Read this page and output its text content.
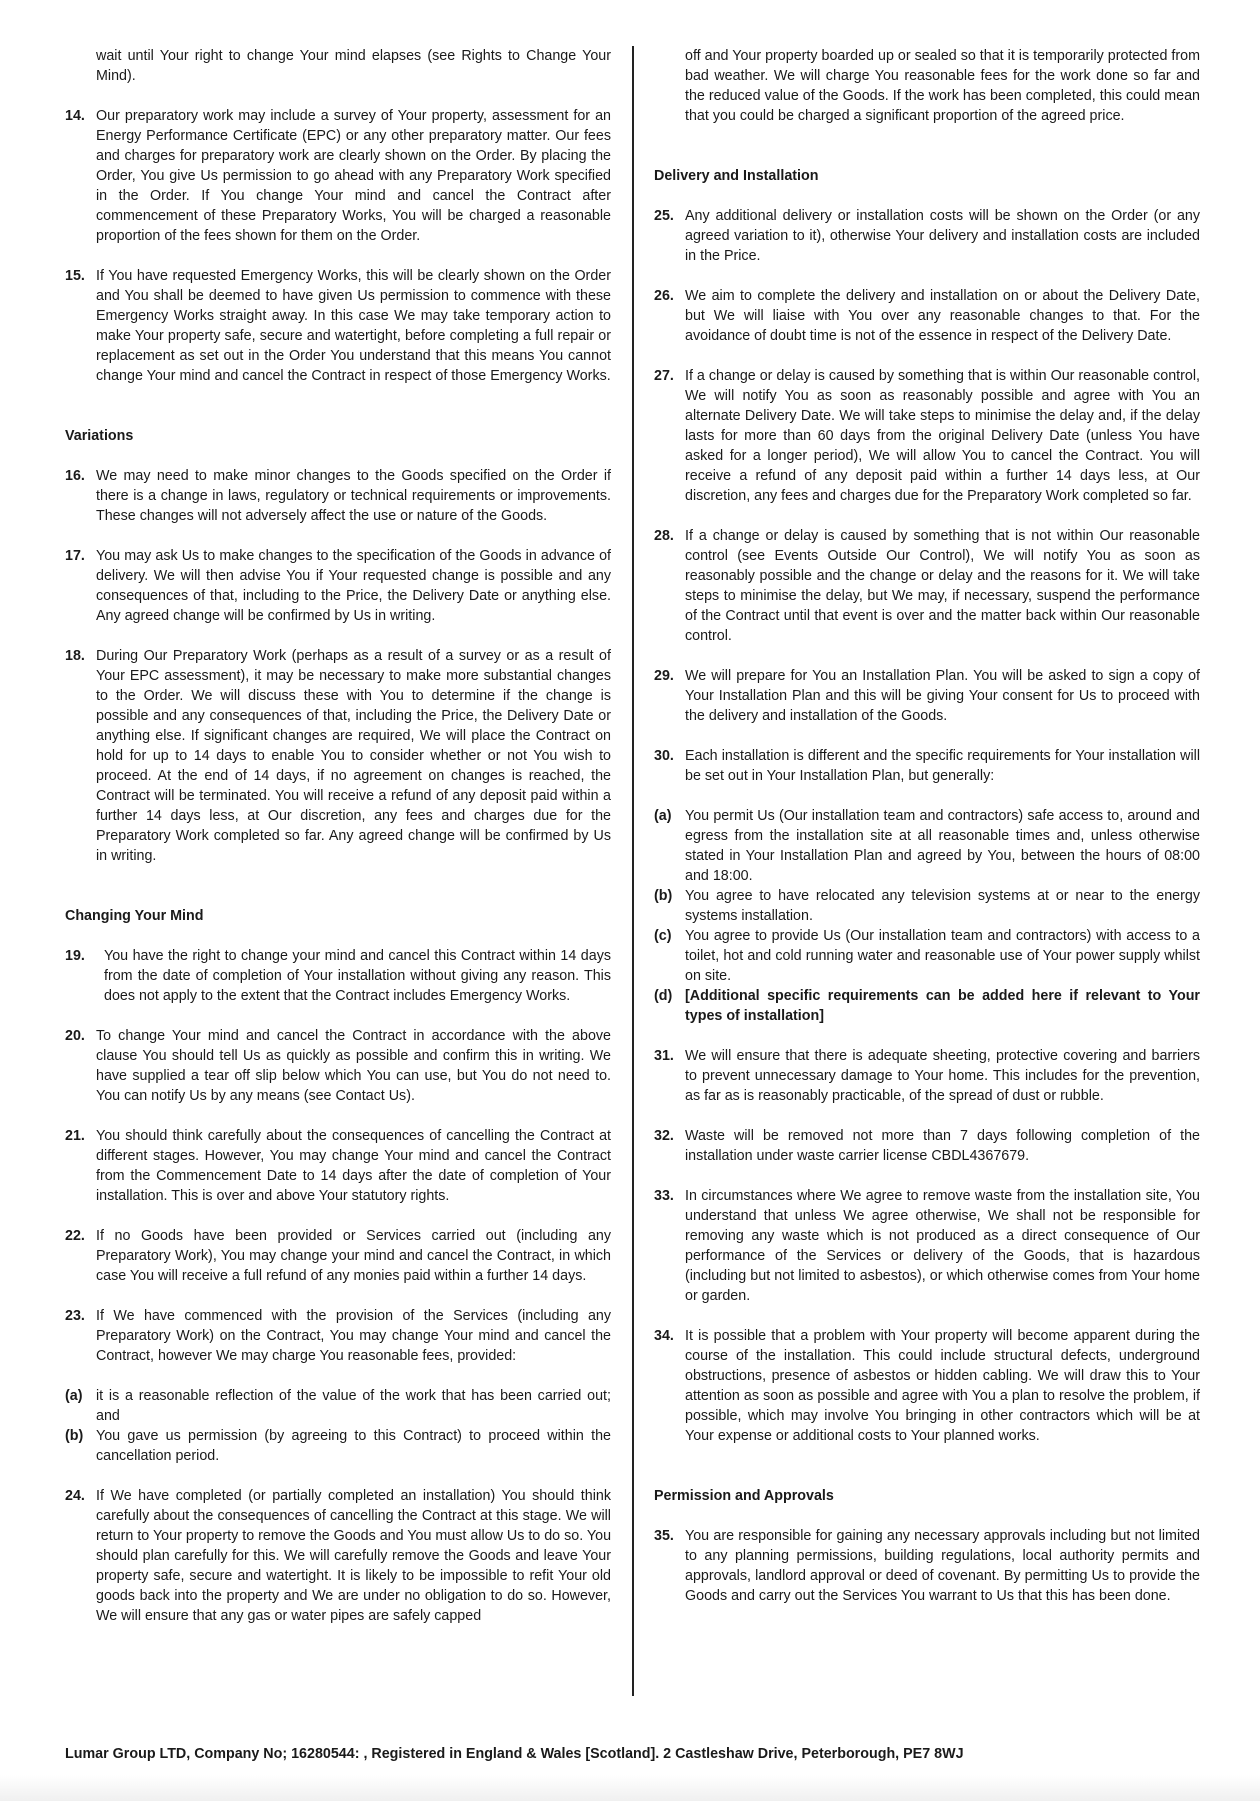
wait until Your right to change Your mind elapses (see Rights to Change Your Mind).
14. Our preparatory work may include a survey of Your property, assessment for an Energy Performance Certificate (EPC) or any other preparatory matter. Our fees and charges for preparatory work are clearly shown on the Order. By placing the Order, You give Us permission to go ahead with any Preparatory Work specified in the Order. If You change Your mind and cancel the Contract after commencement of these Preparatory Works, You will be charged a reasonable proportion of the fees shown for them on the Order.
15. If You have requested Emergency Works, this will be clearly shown on the Order and You shall be deemed to have given Us permission to commence with these Emergency Works straight away. In this case We may take temporary action to make Your property safe, secure and watertight, before completing a full repair or replacement as set out in the Order You understand that this means You cannot change Your mind and cancel the Contract in respect of those Emergency Works.
Variations
16. We may need to make minor changes to the Goods specified on the Order if there is a change in laws, regulatory or technical requirements or improvements. These changes will not adversely affect the use or nature of the Goods.
17. You may ask Us to make changes to the specification of the Goods in advance of delivery. We will then advise You if Your requested change is possible and any consequences of that, including to the Price, the Delivery Date or anything else. Any agreed change will be confirmed by Us in writing.
18. During Our Preparatory Work (perhaps as a result of a survey or as a result of Your EPC assessment), it may be necessary to make more substantial changes to the Order. We will discuss these with You to determine if the change is possible and any consequences of that, including the Price, the Delivery Date or anything else. If significant changes are required, We will place the Contract on hold for up to 14 days to enable You to consider whether or not You wish to proceed. At the end of 14 days, if no agreement on changes is reached, the Contract will be terminated. You will receive a refund of any deposit paid within a further 14 days less, at Our discretion, any fees and charges due for the Preparatory Work completed so far. Any agreed change will be confirmed by Us in writing.
Changing Your Mind
19. You have the right to change your mind and cancel this Contract within 14 days from the date of completion of Your installation without giving any reason. This does not apply to the extent that the Contract includes Emergency Works.
20. To change Your mind and cancel the Contract in accordance with the above clause You should tell Us as quickly as possible and confirm this in writing. We have supplied a tear off slip below which You can use, but You do not need to. You can notify Us by any means (see Contact Us).
21. You should think carefully about the consequences of cancelling the Contract at different stages. However, You may change Your mind and cancel the Contract from the Commencement Date to 14 days after the date of completion of Your installation. This is over and above Your statutory rights.
22. If no Goods have been provided or Services carried out (including any Preparatory Work), You may change your mind and cancel the Contract, in which case You will receive a full refund of any monies paid within a further 14 days.
23. If We have commenced with the provision of the Services (including any Preparatory Work) on the Contract, You may change Your mind and cancel the Contract, however We may charge You reasonable fees, provided:
(a) it is a reasonable reflection of the value of the work that has been carried out; and
(b) You gave us permission (by agreeing to this Contract) to proceed within the cancellation period.
24. If We have completed (or partially completed an installation) You should think carefully about the consequences of cancelling the Contract at this stage. We will return to Your property to remove the Goods and You must allow Us to do so. You should plan carefully for this. We will carefully remove the Goods and leave Your property safe, secure and watertight. It is likely to be impossible to refit Your old goods back into the property and We are under no obligation to do so. However, We will ensure that any gas or water pipes are safely capped
off and Your property boarded up or sealed so that it is temporarily protected from bad weather. We will charge You reasonable fees for the work done so far and the reduced value of the Goods. If the work has been completed, this could mean that you could be charged a significant proportion of the agreed price.
Delivery and Installation
25. Any additional delivery or installation costs will be shown on the Order (or any agreed variation to it), otherwise Your delivery and installation costs are included in the Price.
26. We aim to complete the delivery and installation on or about the Delivery Date, but We will liaise with You over any reasonable changes to that. For the avoidance of doubt time is not of the essence in respect of the Delivery Date.
27. If a change or delay is caused by something that is within Our reasonable control, We will notify You as soon as reasonably possible and agree with You an alternate Delivery Date. We will take steps to minimise the delay and, if the delay lasts for more than 60 days from the original Delivery Date (unless You have asked for a longer period), We will allow You to cancel the Contract. You will receive a refund of any deposit paid within a further 14 days less, at Our discretion, any fees and charges due for the Preparatory Work completed so far.
28. If a change or delay is caused by something that is not within Our reasonable control (see Events Outside Our Control), We will notify You as soon as reasonably possible and the change or delay and the reasons for it. We will take steps to minimise the delay, but We may, if necessary, suspend the performance of the Contract until that event is over and the matter back within Our reasonable control.
29. We will prepare for You an Installation Plan. You will be asked to sign a copy of Your Installation Plan and this will be giving Your consent for Us to proceed with the delivery and installation of the Goods.
30. Each installation is different and the specific requirements for Your installation will be set out in Your Installation Plan, but generally:
(a) You permit Us (Our installation team and contractors) safe access to, around and egress from the installation site at all reasonable times and, unless otherwise stated in Your Installation Plan and agreed by You, between the hours of 08:00 and 18:00.
(b) You agree to have relocated any television systems at or near to the energy systems installation.
(c) You agree to provide Us (Our installation team and contractors) with access to a toilet, hot and cold running water and reasonable use of Your power supply whilst on site.
(d) [Additional specific requirements can be added here if relevant to Your types of installation]
31. We will ensure that there is adequate sheeting, protective covering and barriers to prevent unnecessary damage to Your home. This includes for the prevention, as far as is reasonably practicable, of the spread of dust or rubble.
32. Waste will be removed not more than 7 days following completion of the installation under waste carrier license CBDL4367679.
33. In circumstances where We agree to remove waste from the installation site, You understand that unless We agree otherwise, We shall not be responsible for removing any waste which is not produced as a direct consequence of Our performance of the Services or delivery of the Goods, that is hazardous (including but not limited to asbestos), or which otherwise comes from Your home or garden.
34. It is possible that a problem with Your property will become apparent during the course of the installation. This could include structural defects, underground obstructions, presence of asbestos or hidden cabling. We will draw this to Your attention as soon as possible and agree with You a plan to resolve the problem, if possible, which may involve You bringing in other contractors which will be at Your expense or additional costs to Your planned works.
Permission and Approvals
35. You are responsible for gaining any necessary approvals including but not limited to any planning permissions, building regulations, local authority permits and approvals, landlord approval or deed of covenant. By permitting Us to provide the Goods and carry out the Services You warrant to Us that this has been done.
Lumar Group LTD, Company No; 16280544: , Registered in England & Wales [Scotland]. 2 Castleshaw Drive, Peterborough, PE7 8WJ
